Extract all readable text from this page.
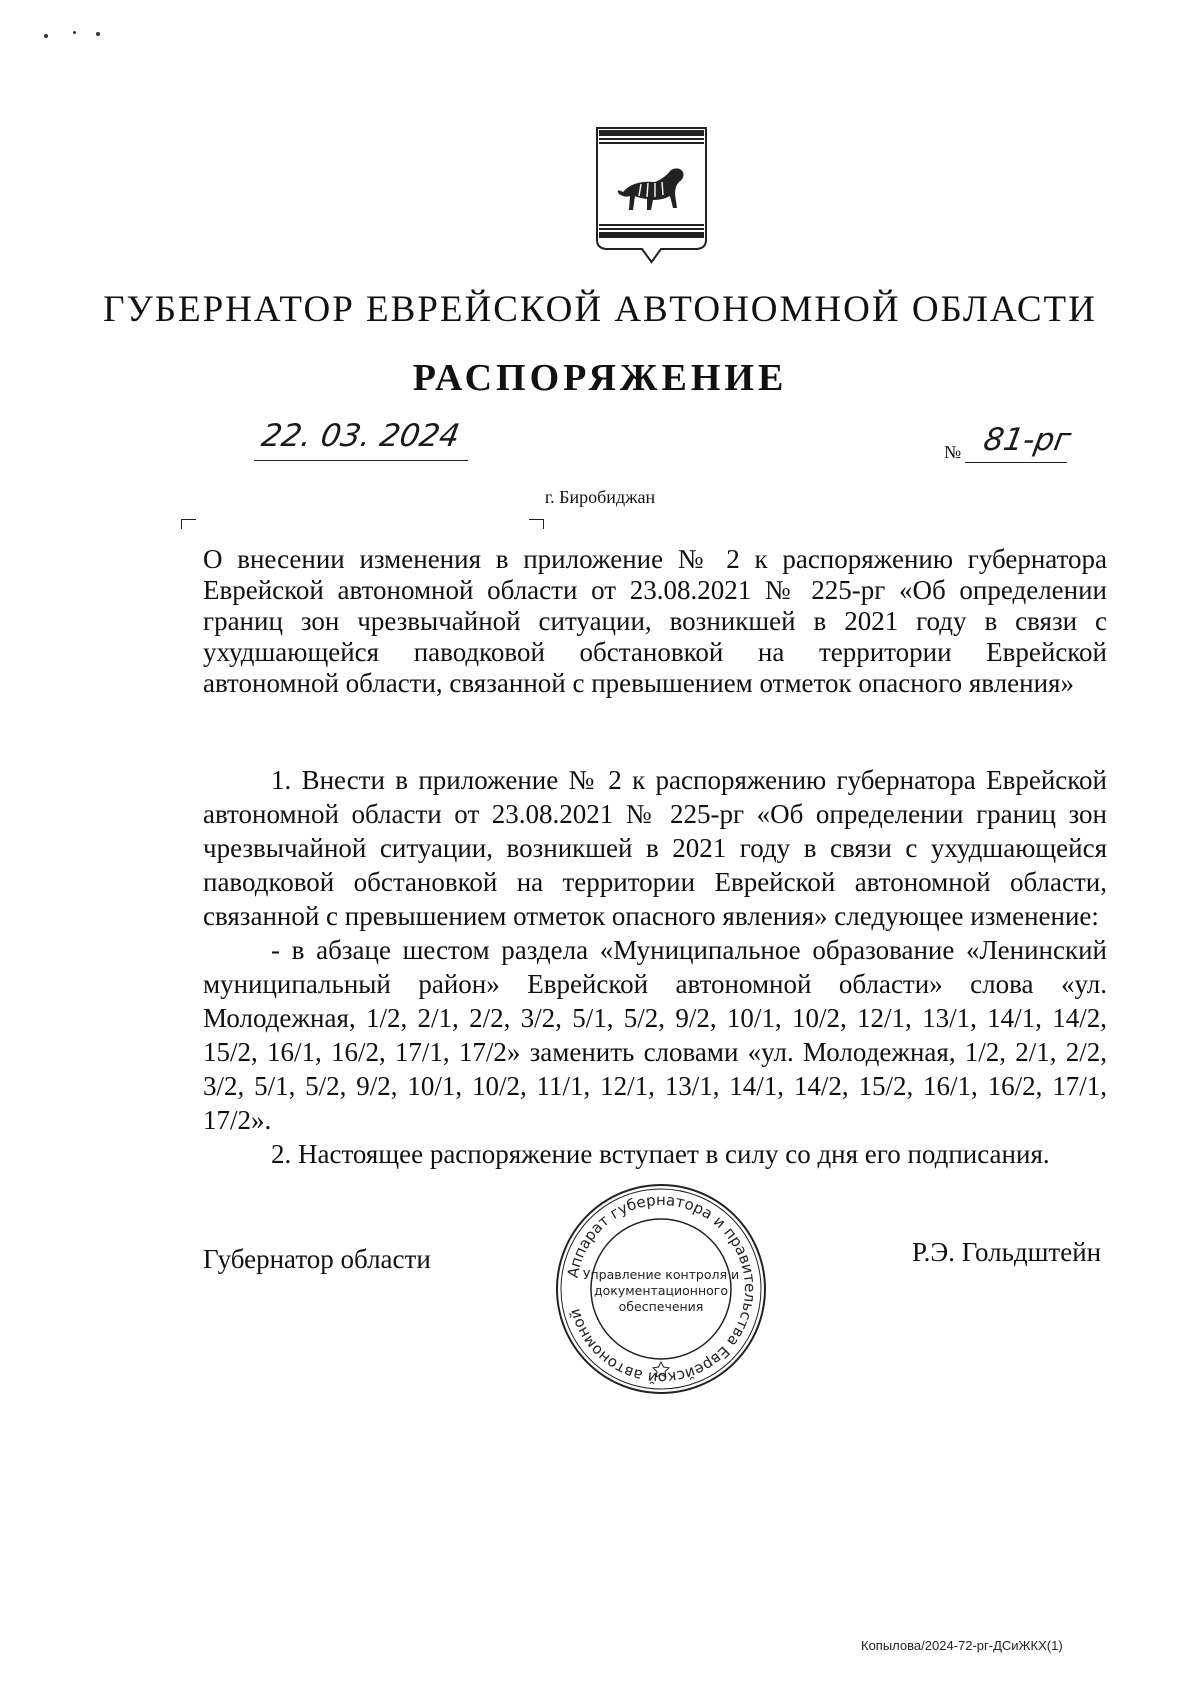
ГУБЕРНАТОР ЕВРЕЙСКОЙ АВТОНОМНОЙ ОБЛАСТИ
РАСПОРЯЖЕНИЕ
22. 03. 2024	№ 81-рг
г. Биробиджан
О внесении изменения в приложение № 2 к распоряжению губернатора Еврейской автономной области от 23.08.2021 № 225-рг «Об определении границ зон чрезвычайной ситуации, возникшей в 2021 году в связи с ухудшающейся паводковой обстановкой на территории Еврейской автономной области, связанной с превышением отметок опасного явления»

1. Внести в приложение № 2 к распоряжению губернатора Еврейской автономной области от 23.08.2021 № 225-рг «Об определении границ зон чрезвычайной ситуации, возникшей в 2021 году в связи с ухудшающейся паводковой обстановкой на территории Еврейской автономной области, связанной с превышением отметок опасного явления» следующее изменение:

- в абзаце шестом раздела «Муниципальное образование «Ленинский муниципальный район» Еврейской автономной области» слова «ул. Молодежная, 1/2, 2/1, 2/2, 3/2, 5/1, 5/2, 9/2, 10/1, 10/2, 12/1, 13/1, 14/1, 14/2, 15/2, 16/1, 16/2, 17/1, 17/2» заменить словами «ул. Молодежная, 1/2, 2/1, 2/2, 3/2, 5/1, 5/2, 9/2, 10/1, 10/2, 11/1, 12/1, 13/1, 14/1, 14/2, 15/2, 16/1, 16/2, 17/1, 17/2».

2. Настоящее распоряжение вступает в силу со дня его подписания.

Губернатор области	Р.Э. Гольдштейн
Аппарат губернатора и правительства Еврейской автономной
Управление контроля и
документационного
обеспечения
Копылова/2024-72-рг-ДСиЖКХ(1)
